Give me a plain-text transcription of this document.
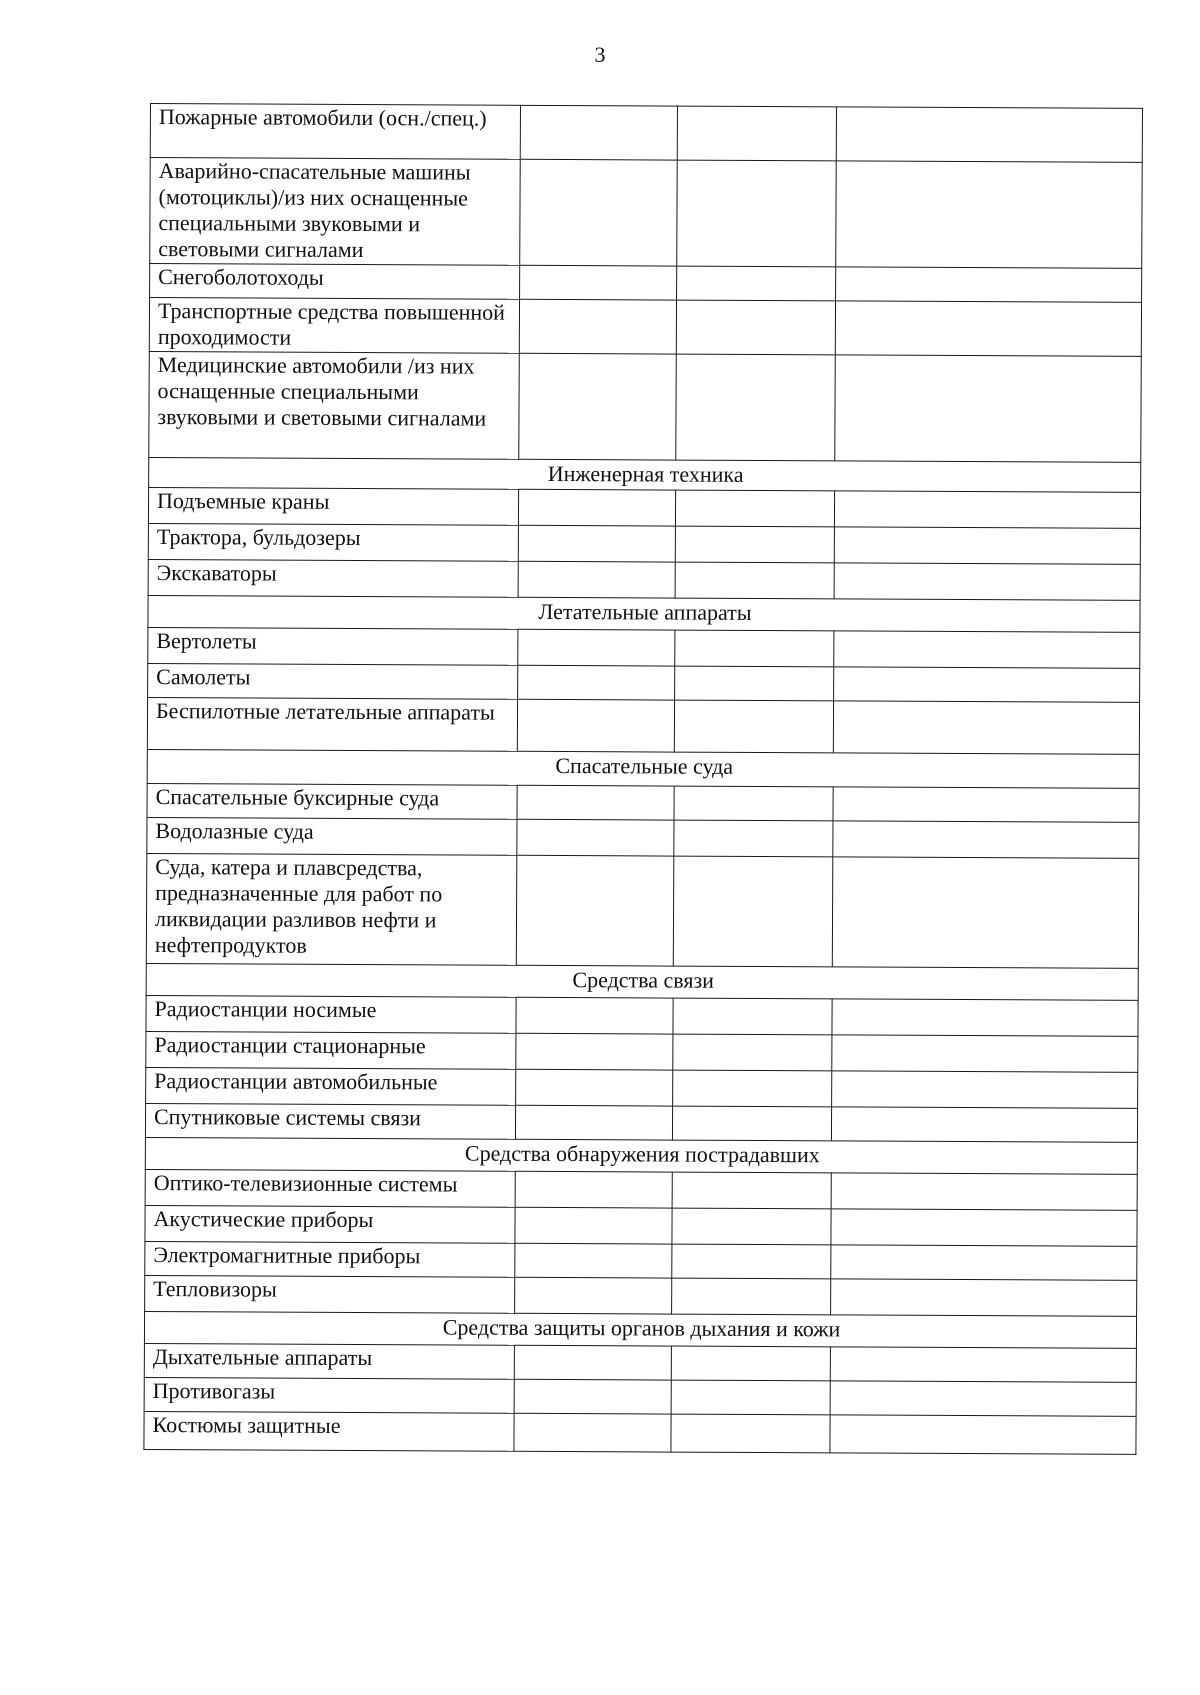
3
Пожарные автомобили (осн./спец.)			
Аварийно-спасательные машины (мотоциклы)/из них оснащенные специальными звуковыми и световыми сигналами			
Снегоболотоходы			
Транспортные средства повышенной проходимости			
Медицинские автомобили /из них оснащенные специальными звуковыми и световыми сигналами			
Инженерная техника			
Подъемные краны			
Трактора, бульдозеры			
Экскаваторы			
Летательные аппараты			
Вертолеты			
Самолеты			
Беспилотные летательные аппараты			
Спасательные суда			
Спасательные буксирные суда			
Водолазные суда			
Суда, катера и плавсредства, предназначенные для работ по ликвидации разливов нефти и нефтепродуктов			
Средства связи			
Радиостанции носимые			
Радиостанции стационарные			
Радиостанции автомобильные			
Спутниковые системы связи			
Средства обнаружения пострадавших			
Оптико-телевизионные системы			
Акустические приборы			
Электромагнитные приборы			
Тепловизоры			
Средства защиты органов дыхания и кожи			
Дыхательные аппараты			
Противогазы			
Костюмы защитные			
